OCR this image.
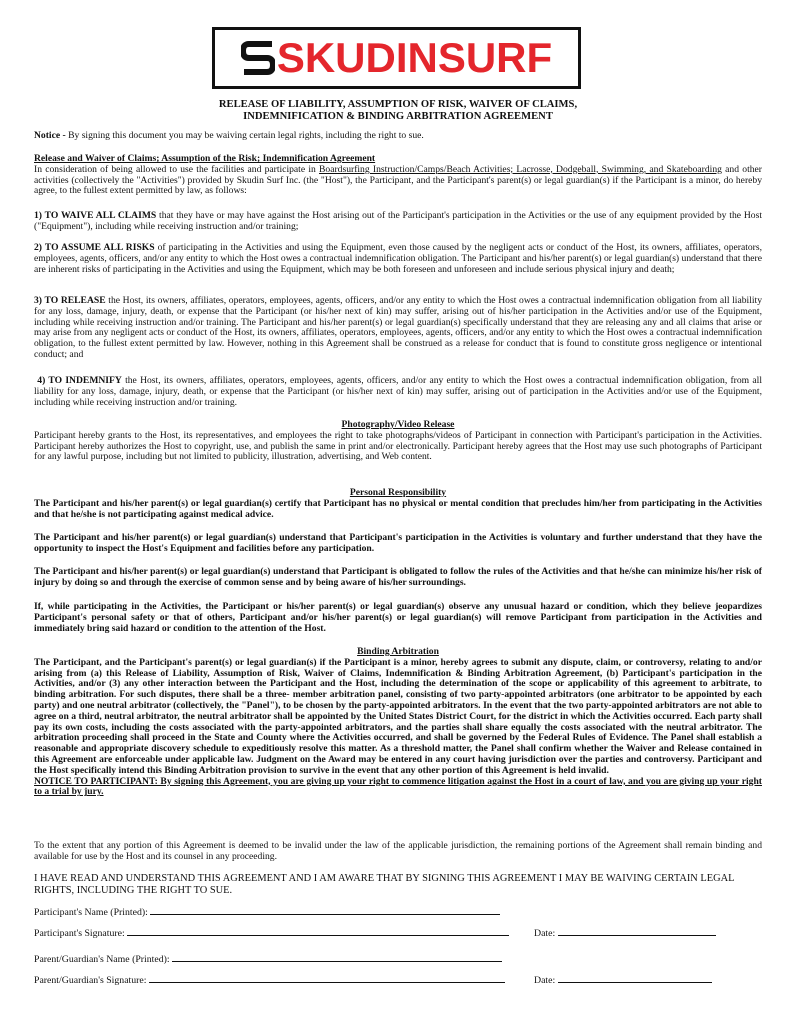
SKUDINSURF
RELEASE OF LIABILITY, ASSUMPTION OF RISK, WAIVER OF CLAIMS,
INDEMNIFICATION & BINDING ARBITRATION AGREEMENT

Notice - By signing this document you may be waiving certain legal rights, including the right to sue.

Release and Waiver of Claims; Assumption of the Risk; Indemnification Agreement

In consideration of being allowed to use the facilities and participate in Boardsurfing Instruction/Camps/Beach Activities; Lacrosse, Dodgeball, Swimming, and Skateboarding and other activities (collectively the "Activities") provided by Skudin Surf Inc. (the "Host"), the Participant, and the Participant's parent(s) or legal guardian(s) if the Participant is a minor, do hereby agree, to the fullest extent permitted by law, as follows:

1) TO WAIVE ALL CLAIMS that they have or may have against the Host arising out of the Participant's participation in the Activities or the use of any equipment provided by the Host ("Equipment"), including while receiving instruction and/or training;

2) TO ASSUME ALL RISKS of participating in the Activities and using the Equipment, even those caused by the negligent acts or conduct of the Host, its owners, affiliates, operators, employees, agents, officers, and/or any entity to which the Host owes a contractual indemnification obligation. The Participant and his/her parent(s) or legal guardian(s) understand that there are inherent risks of participating in the Activities and using the Equipment, which may be both foreseen and unforeseen and include serious physical injury and death;

3) TO RELEASE the Host, its owners, affiliates, operators, employees, agents, officers, and/or any entity to which the Host owes a contractual indemnification obligation from all liability for any loss, damage, injury, death, or expense that the Participant (or his/her next of kin) may suffer, arising out of his/her participation in the Activities and/or use of the Equipment, including while receiving instruction and/or training. The Participant and his/her parent(s) or legal guardian(s) specifically understand that they are releasing any and all claims that arise or may arise from any negligent acts or conduct of the Host, its owners, affiliates, operators, employees, agents, officers, and/or any entity to which the Host owes a contractual indemnification obligation, to the fullest extent permitted by law. However, nothing in this Agreement shall be construed as a release for conduct that is found to constitute gross negligence or intentional conduct; and

4) TO INDEMNIFY the Host, its owners, affiliates, operators, employees, agents, officers, and/or any entity to which the Host owes a contractual indemnification obligation, from all liability for any loss, damage, injury, death, or expense that the Participant (or his/her next of kin) may suffer, arising out of participation in the Activities and/or use of the Equipment, including while receiving instruction and/or training.

Photography/Video Release

Participant hereby grants to the Host, its representatives, and employees the right to take photographs/videos of Participant in connection with Participant's participation in the Activities. Participant hereby authorizes the Host to copyright, use, and publish the same in print and/or electronically. Participant hereby agrees that the Host may use such photographs of Participant for any lawful purpose, including but not limited to publicity, illustration, advertising, and Web content.

Personal Responsibility

The Participant and his/her parent(s) or legal guardian(s) certify that Participant has no physical or mental condition that precludes him/her from participating in the Activities and that he/she is not participating against medical advice.

The Participant and his/her parent(s) or legal guardian(s) understand that Participant's participation in the Activities is voluntary and further understand that they have the opportunity to inspect the Host's Equipment and facilities before any participation.

The Participant and his/her parent(s) or legal guardian(s) understand that Participant is obligated to follow the rules of the Activities and that he/she can minimize his/her risk of injury by doing so and through the exercise of common sense and by being aware of his/her surroundings.

If, while participating in the Activities, the Participant or his/her parent(s) or legal guardian(s) observe any unusual hazard or condition, which they believe jeopardizes Participant's personal safety or that of others, Participant and/or his/her parent(s) or legal guardian(s) will remove Participant from participation in the Activities and immediately bring said hazard or condition to the attention of the Host.

Binding Arbitration

The Participant, and the Participant's parent(s) or legal guardian(s) if the Participant is a minor, hereby agrees to submit any dispute, claim, or controversy, relating to and/or arising from (a) this Release of Liability, Assumption of Risk, Waiver of Claims, Indemnification & Binding Arbitration Agreement, (b) Participant's participation in the Activities, and/or (3) any other interaction between the Participant and the Host, including the determination of the scope or applicability of this agreement to arbitrate, to binding arbitration. For such disputes, there shall be a three- member arbitration panel, consisting of two party-appointed arbitrators (one arbitrator to be appointed by each party) and one neutral arbitrator (collectively, the "Panel"), to be chosen by the party-appointed arbitrators. In the event that the two party-appointed arbitrators are not able to agree on a third, neutral arbitrator, the neutral arbitrator shall be appointed by the United States District Court, for the district in which the Activities occurred. Each party shall pay its own costs, including the costs associated with the party-appointed arbitrators, and the parties shall share equally the costs associated with the neutral arbitrator. The arbitration proceeding shall proceed in the State and County where the Activities occurred, and shall be governed by the Federal Rules of Evidence. The Panel shall establish a reasonable and appropriate discovery schedule to expeditiously resolve this matter. As a threshold matter, the Panel shall confirm whether the Waiver and Release contained in this Agreement are enforceable under applicable law. Judgment on the Award may be entered in any court having jurisdiction over the parties and controversy. Participant and the Host specifically intend this Binding Arbitration provision to survive in the event that any other portion of this Agreement is held invalid.

NOTICE TO PARTICIPANT: By signing this Agreement, you are giving up your right to commence litigation against the Host in a court of law, and you are giving up your right to a trial by jury.

To the extent that any portion of this Agreement is deemed to be invalid under the law of the applicable jurisdiction, the remaining portions of the Agreement shall remain binding and available for use by the Host and its counsel in any proceeding.

I HAVE READ AND UNDERSTAND THIS AGREEMENT AND I AM AWARE THAT BY SIGNING THIS AGREEMENT I MAY BE WAIVING CERTAIN LEGAL RIGHTS, INCLUDING THE RIGHT TO SUE.

Participant's Name (Printed):
Participant's Signature:	Date:
Parent/Guardian's Name (Printed):
Parent/Guardian's Signature:	Date:
